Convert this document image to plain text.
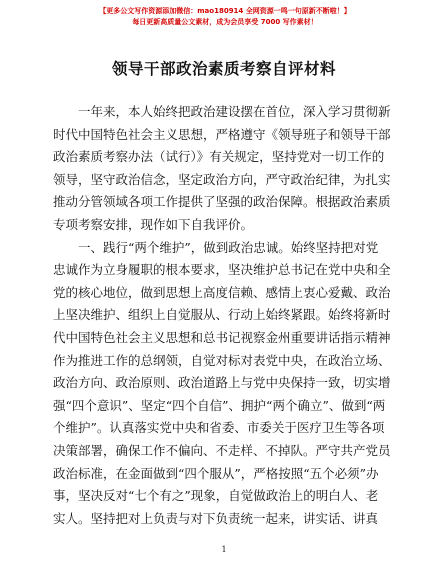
【更多公文写作资源添加微信：mao180914 全网资源一鸣一句原新不断啦！】
每日更新高质量公文素材，成为会员享受 7000 写作素材！
领导干部政治素质考察自评材料
　　一年来，本人始终把政治建设摆在首位，深入学习贯彻新
时代中国特色社会主义思想，严格遵守《领导班子和领导干部
政治素质考察办法（试行）》有关规定，坚持党对一切工作的
领导，坚守政治信念，坚定政治方向，严守政治纪律，为扎实
推动分管领域各项工作提供了坚强的政治保障。根据政治素质
专项考察安排，现作如下自我评价。
　　一、践行“两个维护”，做到政治忠诚。始终坚持把对党
忠诚作为立身履职的根本要求，坚决维护总书记在党中央和全
党的核心地位，做到思想上高度信赖、感情上衷心爱戴、政治
上坚决维护、组织上自觉服从、行动上始终紧跟。始终将新时
代中国特色社会主义思想和总书记视察金州重要讲话指示精神
作为推进工作的总纲领，自觉对标对表党中央，在政治立场、
政治方向、政治原则、政治道路上与党中央保持一致，切实增
强“四个意识”、坚定“四个自信”、拥护“两个确立”、做到“两
个维护”。认真落实党中央和省委、市委关于医疗卫生等各项
决策部署，确保工作不偏向、不走样、不掉队。严守共产党员
政治标准，在金面做到“四个服从”，严格按照“五个必须”办
事，坚决反对“七个有之”现象，自觉做政治上的明白人、老
实人。坚持把对上负责与对下负责统一起来，讲实话、讲真
1
